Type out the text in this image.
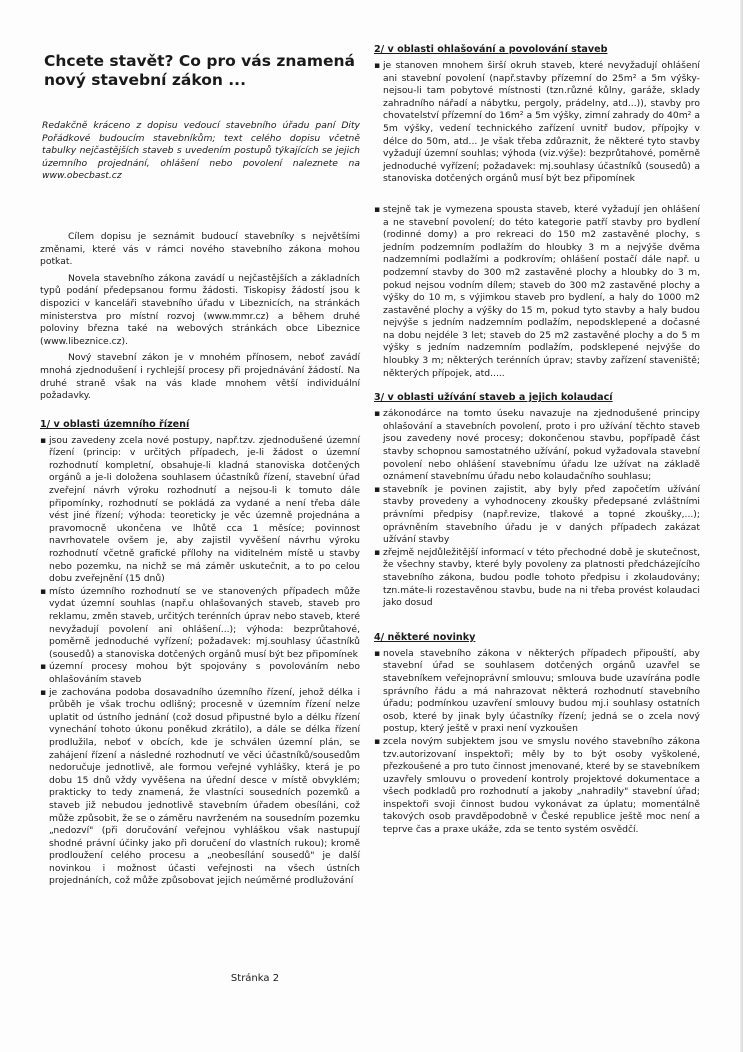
Chcete stavět? Co pro vás znamená
nový stavební zákon ...

Redakčně kráceno z dopisu vedoucí stavebního úřadu paní Dity Pořádkové budoucím stavebníkům; text celého dopisu včetně tabulky nejčastějších staveb s uvedením postupů týkajících se jejich územního projednání, ohlášení nebo povolení naleznete na www.obecbast.cz

Cílem dopisu je seznámit budoucí stavebníky s největšími změnami, které vás v rámci nového stavebního zákona mohou potkat.

Novela stavebního zákona zavádí u nejčastějších a základních typů podání předepsanou formu žádosti. Tiskopisy žádostí jsou k dispozici v kanceláři stavebního úřadu v Libeznicích, na stránkách ministerstva pro místní rozvoj (www.mmr.cz) a během druhé poloviny března také na webových stránkách obce Libeznice (www.libeznice.cz).

Nový stavební zákon je v mnohém přínosem, neboť zavádí mnohá zjednodušení i rychlejší procesy při projednávání žádostí. Na druhé straně však na vás klade mnohem větší individuální požadavky.

1/ v oblasti územního řízení
▪ jsou zavedeny zcela nové postupy, např.tzv. zjednodušené územní řízení (princip: v určitých případech, je-li žádost o územní rozhodnutí kompletní, obsahuje-li kladná stanoviska dotčených orgánů a je-li doložena souhlasem účastníků řízení, stavební úřad zveřejní návrh výroku rozhodnutí a nejsou-li k tomuto dále připomínky, rozhodnutí se pokládá za vydané a není třeba dále vést jiné řízení; výhoda: teoreticky je věc územně projednána a pravomocně ukončena ve lhůtě cca 1 měsíce; povinnost navrhovatele ovšem je, aby zajistil vyvěšení návrhu výroku rozhodnutí včetně grafické přílohy na viditelném místě u stavby nebo pozemku, na nichž se má záměr uskutečnit, a to po celou dobu zveřejnění (15 dnů)
▪ místo územního rozhodnutí se ve stanovených případech může vydat územní souhlas (např.u ohlašovaných staveb, staveb pro reklamu, změn staveb, určitých terénních úprav nebo staveb, které nevyžadují povolení ani ohlášení...); výhoda: bezprůtahové, poměrně jednoduché vyřízení; požadavek: mj.souhlasy účastníků (sousedů) a stanoviska dotčených orgánů musí být bez připomínek
▪ územní procesy mohou být spojovány s povolováním nebo ohlašováním staveb
▪ je zachována podoba dosavadního územního řízení, jehož délka i průběh je však trochu odlišný; procesně v územním řízení nelze uplatit od ústního jednání (což dosud připustné bylo a délku řízení vynechání tohoto úkonu poněkud zkrátilo), a dále se délka řízení prodlužila, neboť v obcích, kde je schválen územní plán, se zahájení řízení a následné rozhodnutí ve věci účastníků/sousedům nedoručuje jednotlivě, ale formou veřejné vyhlášky, která je po dobu 15 dnů vždy vyvěšena na úřední desce v místě obvyklém; prakticky to tedy znamená, že vlastníci sousedních pozemků a staveb již nebudou jednotlivě stavebním úřadem obesíláni, což může způsobit, že se o záměru navrženém na sousedním pozemku „nedozví" (při doručování veřejnou vyhláškou však nastupují shodné právní účinky jako při doručení do vlastních rukou); kromě prodloužení celého procesu a „neobesílání sousedů" je další novinkou i možnost účasti veřejnosti na všech ústních projednáních, což může způsobovat jejich neúměrné prodlužování
2/ v oblasti ohlašování a povolování staveb
▪ je stanoven mnohem širší okruh staveb, které nevyžadují ohlášení ani stavební povolení (např.stavby přízemní do 25m² a 5m výšky-nejsou-li tam pobytové místnosti (tzn.různé kůlny, garáže, sklady zahradního nářadí a nábytku, pergoly, prádelny, atd...)), stavby pro chovatelství přízemní do 16m² a 5m výšky, zimní zahrady do 40m² a 5m výšky, vedení technického zařízení uvnitř budov, přípojky v délce do 50m, atd... Je však třeba zdůraznit, že některé tyto stavby vyžadují územní souhlas; výhoda (viz.výše): bezprůtahové, poměrně jednoduché vyřízení; požadavek: mj.souhlasy účastníků (sousedů) a stanoviska dotčených orgánů musí být bez připomínek
▪ stejně tak je vymezena spousta staveb, které vyžadují jen ohlášení a ne stavební povolení; do této kategorie patří stavby pro bydlení (rodinné domy) a pro rekreaci do 150 m2 zastavěné plochy, s jedním podzemním podlažím do hloubky 3 m a nejvýše dvěma nadzemními podlažími a podkrovím; ohlášení postačí dále např. u podzemní stavby do 300 m2 zastavěné plochy a hloubky do 3 m, pokud nejsou vodním dílem; staveb do 300 m2 zastavěné plochy a výšky do 10 m, s výjimkou staveb pro bydlení, a haly do 1000 m2 zastavěné plochy a výšky do 15 m, pokud tyto stavby a haly budou nejvýše s jedním nadzemním podlažím, nepodsklepené a dočasné na dobu nejdéle 3 let; staveb do 25 m2 zastavěné plochy a do 5 m výšky s jedním nadzemním podlažím, podsklepené nejvýše do hloubky 3 m; některých terénních úprav; stavby zařízení staveniště; některých přípojek, atd.....
3/ v oblasti užívání staveb a jejich kolaudací
▪ zákonodárce na tomto úseku navazuje na zjednodušené principy ohlašování a stavebních povolení, proto i pro užívání těchto staveb jsou zavedeny nové procesy; dokončenou stavbu, popřípadě část stavby schopnou samostatného užívání, pokud vyžadovala stavební povolení nebo ohlášení stavebnímu úřadu lze užívat na základě oznámení stavebnímu úřadu nebo kolaudačního souhlasu;
▪ stavebník je povinen zajistit, aby byly před započetím užívání stavby provedeny a vyhodnoceny zkoušky předepsané zvláštními právními předpisy (např.revize, tlakové a topné zkoušky,...); oprávněním stavebního úřadu je v daných případech zakázat užívání stavby
▪ zřejmě nejdůležitější informací v této přechodné době je skutečnost, že všechny stavby, které byly povoleny za platnosti předcházejícího stavebního zákona, budou podle tohoto předpisu i zkolaudovány; tzn.máte-li rozestavěnou stavbu, bude na ni třeba provést kolaudaci jako dosud
4/ některé novinky
▪ novela stavebního zákona v některých případech připouští, aby stavební úřad se souhlasem dotčených orgánů uzavřel se stavebníkem veřejnoprávní smlouvu; smlouva bude uzavírána podle správního řádu a má nahrazovat některá rozhodnutí stavebního úřadu; podmínkou uzavření smlouvy budou mj.i souhlasy ostatních osob, které by jinak byly účastníky řízení; jedná se o zcela nový postup, který ještě v praxi není vyzkoušen
▪ zcela novým subjektem jsou ve smyslu nového stavebního zákona tzv.autorizovaní inspektoři; měly by to být osoby vyškolené, přezkoušené a pro tuto činnost jmenované, které by se stavebníkem uzavřely smlouvu o provedení kontroly projektové dokumentace a všech podkladů pro rozhodnutí a jakoby „nahradily" stavební úřad; inspektoři svoji činnost budou vykonávat za úplatu; momentálně takových osob pravděpodobně v České republice ještě moc není a teprve čas a praxe ukáže, zda se tento systém osvědčí.
Stránka 2
